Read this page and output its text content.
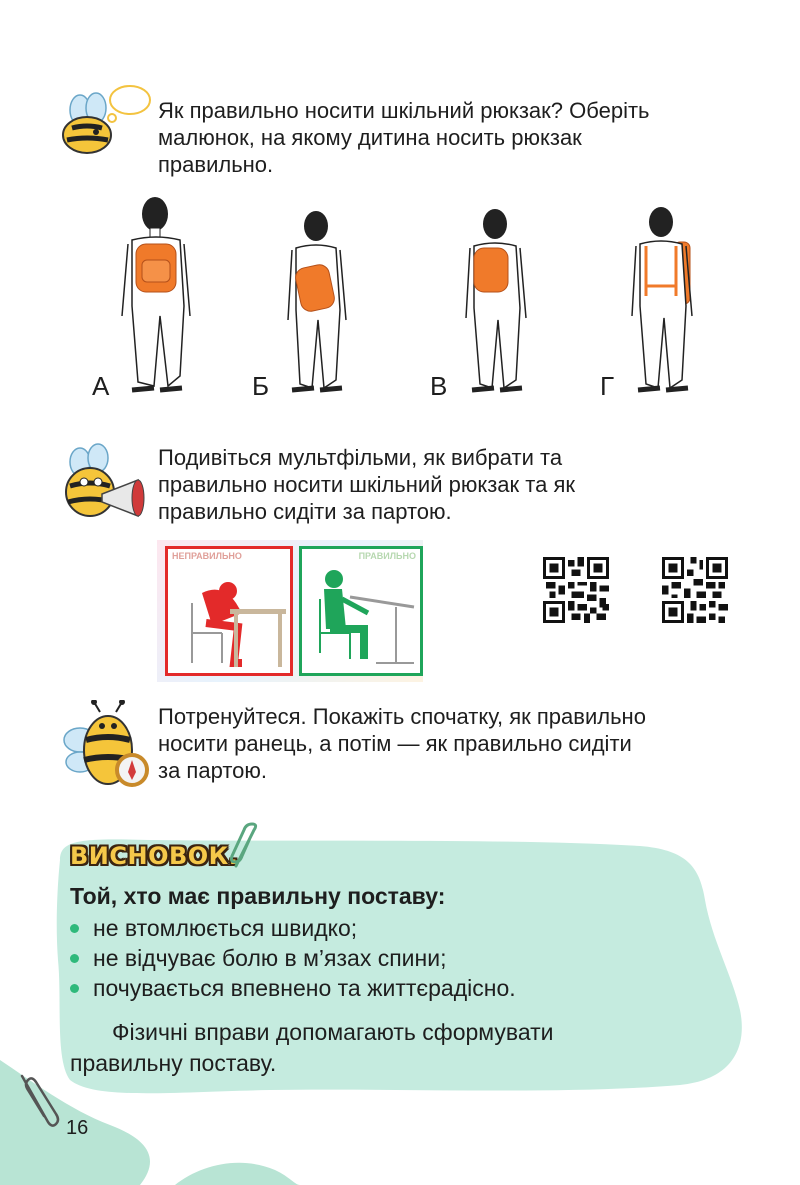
Як правильно носити шкільний рюкзак? Оберіть
малюнок, на якому дитина носить рюкзак
правильно.
А	Б	В	Г
Подивіться мультфільми, як вибрати та
правильно носити шкільний рюкзак та як
правильно сидіти за партою.
НЕПРАВИЛЬНО	ПРАВИЛЬНО
Потренуйтеся. Покажіть спочатку, як правильно
носити ранець, а потім — як правильно сидіти
за партою.
ВИСНОВОК.
Той, хто має правильну поставу:
не втомлюється швидко;
не відчуває болю в м’язах спини;
почувається впевнено та життєрадісно.
Фізичні вправи допомагають сформувати
правильну поставу.
16
